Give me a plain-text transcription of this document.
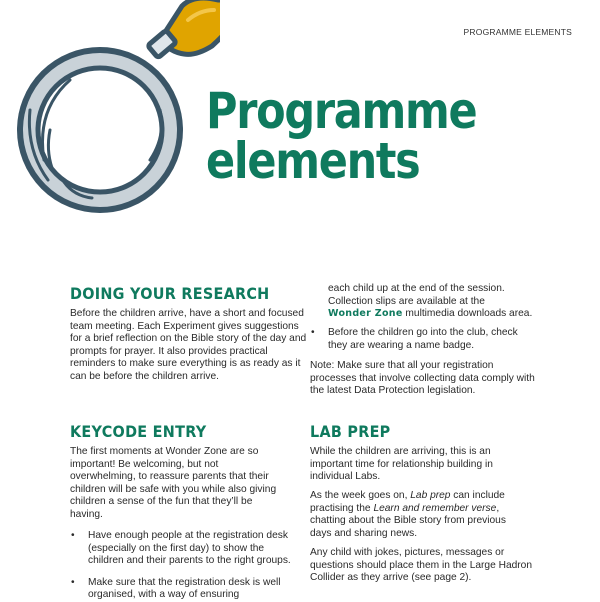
PROGRAMME ELEMENTS
Programme
elements
DOING YOUR RESEARCH

Before the children arrive, have a short and focused team meeting. Each Experiment gives suggestions for a brief reflection on the Bible story of the day and prompts for prayer. It also provides practical reminders to make sure everything is as ready as it can be before the children arrive.

KEYCODE ENTRY

The first moments at Wonder Zone are so important! Be welcoming, but not overwhelming, to reassure parents that their children will be safe with you while also giving children a sense of the fun that they’ll be having.

• Have enough people at the registration desk (especially on the first day) to show the children and their parents to the right groups.
• Make sure that the registration desk is well organised, with a way of ensuring

each child up at the end of the session.

Collection slips are available at the
Wonder Zone multimedia downloads area.

• Before the children go into the club, check they are wearing a name badge.

Note: Make sure that all your registration processes that involve collecting data comply with the latest Data Protection legislation.

LAB PREP

While the children are arriving, this is an important time for relationship building in individual Labs.

As the week goes on, Lab prep can include practising the Learn and remember verse, chatting about the Bible story from previous days and sharing news.

Any child with jokes, pictures, messages or questions should place them in the Large Hadron Collider as they arrive (see page 2).
